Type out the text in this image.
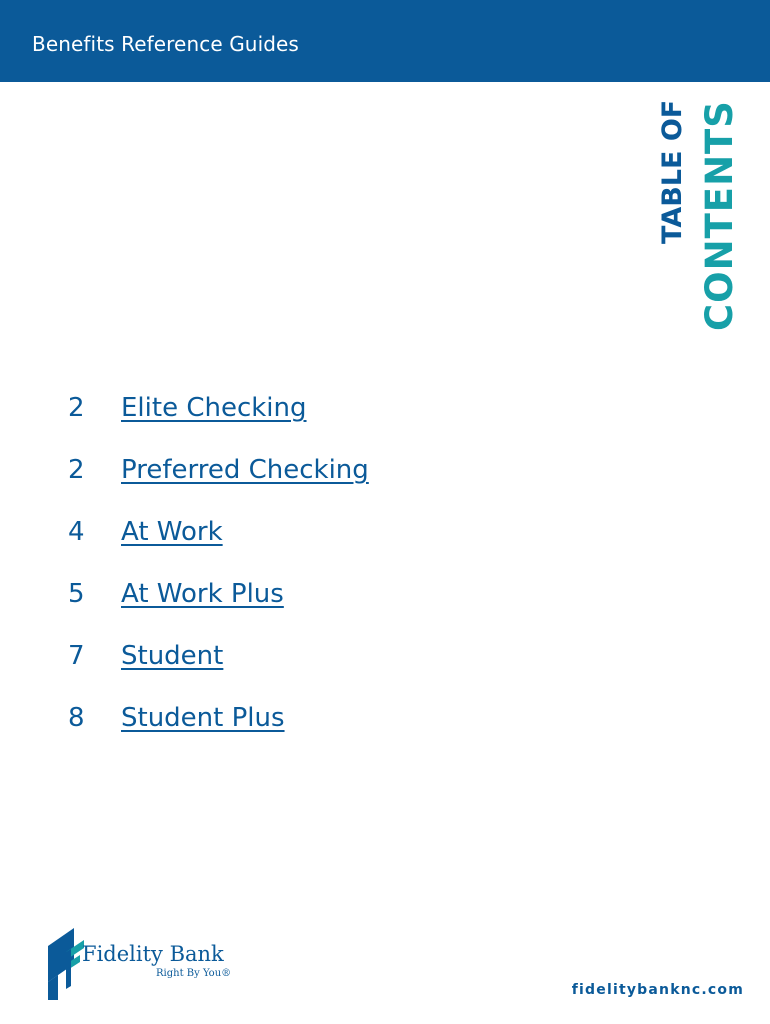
Benefits Reference Guides
TABLE OF CONTENTS
2	Elite Checking
2	Preferred Checking
4	At Work
5	At Work Plus
7	Student
8	Student Plus
Fidelity Bank
Right By You®
fidelitybanknc.com
